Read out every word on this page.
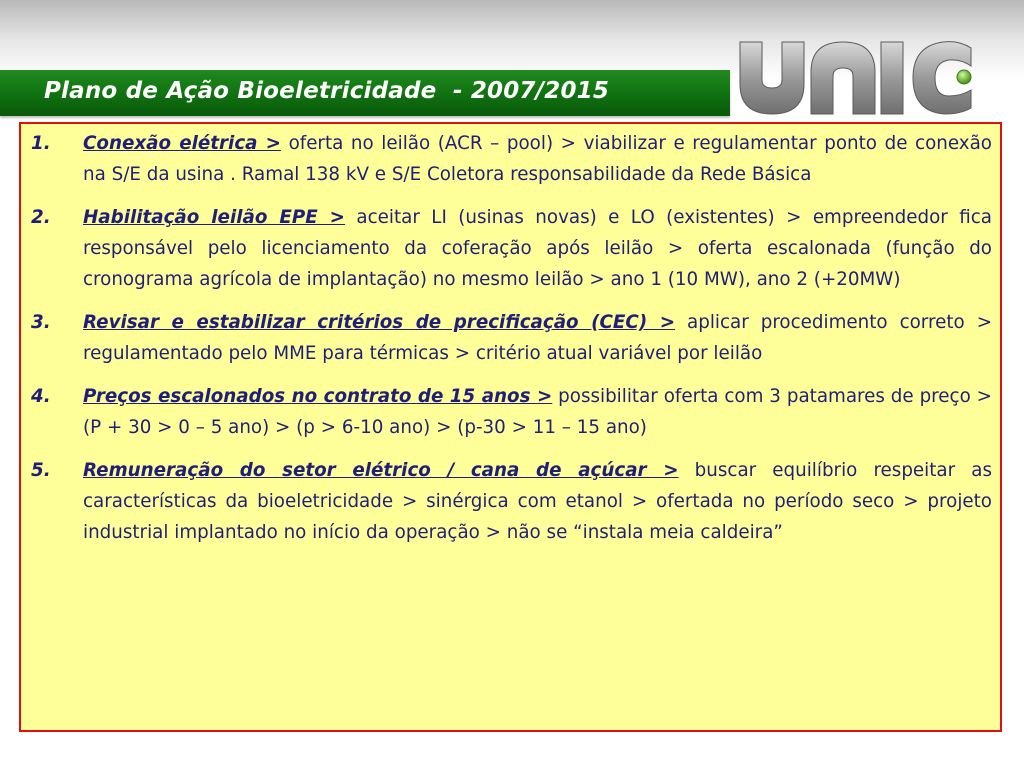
Plano de Ação Bioeletricidade  - 2007/2015
1. Conexão elétrica > oferta no leilão (ACR – pool) > viabilizar e regulamentar ponto de conexão na S/E da usina . Ramal 138 kV e S/E Coletora responsabilidade da Rede Básica
2. Habilitação leilão EPE > aceitar LI (usinas novas) e LO (existentes) > empreendedor fica responsável pelo licenciamento da coferação após leilão > oferta escalonada (função do cronograma agrícola de implantação) no mesmo leilão > ano 1 (10 MW), ano 2 (+20MW)
3. Revisar e estabilizar critérios de precificação (CEC) > aplicar procedimento correto > regulamentado pelo MME para térmicas > critério atual variável por leilão
4. Preços escalonados no contrato de 15 anos > possibilitar oferta com 3 patamares de preço > (P + 30 > 0 – 5 ano) > (p > 6-10 ano) > (p-30 > 11 – 15 ano)
5. Remuneração do setor elétrico / cana de açúcar > buscar equilíbrio respeitar as características da bioeletricidade > sinérgica com etanol > ofertada no período seco > projeto industrial implantado no início da operação > não se “instala meia caldeira”
